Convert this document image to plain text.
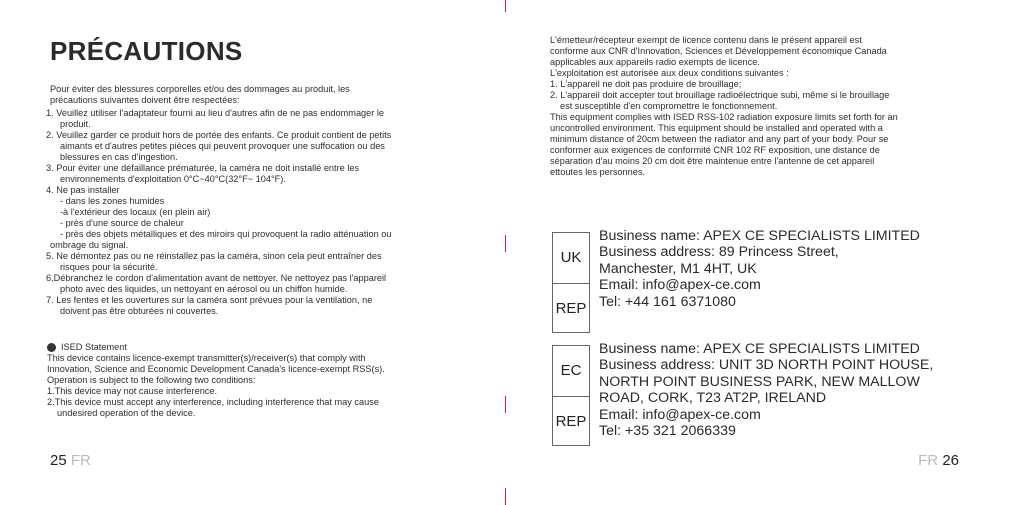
PRÉCAUTIONS

Pour éviter des blessures corporelles et/ou des dommages au produit, les

précautions suivantes doivent être respectées:

1. Veuillez utiliser l'adaptateur fourni au lieu d'autres afin de ne pas endommager le

produit.

2. Veuillez garder ce produit hors de portée des enfants. Ce produit contient de petits

aimants et d'autres petites pièces qui peuvent provoquer une suffocation ou des

blessures en cas d'ingestion.

3. Pour éviter une défaillance prématurée, la caméra ne doit installé entre les

environnements d'exploitation 0°C~40°C(32°F~ 104°F).

4. Ne pas installer

- dans les zones humides

-à l'extérieur des locaux (en plein air)

- près d'une source de chaleur

- près des objets métalliques et des miroirs qui provoquent la radio atténuation ou

ombrage du signal.

5. Ne démontez pas ou ne réinstallez pas la caméra, sinon cela peut entraîner des

risques pour la sécurité.

6.Débranchez le cordon d'alimentation avant de nettoyer. Ne nettoyez pas l'appareil

photo avec des liquides, un nettoyant en aérosol ou un chiffon humide.

7. Les fentes et les ouvertures sur la caméra sont prévues pour la ventilation, ne

doivent pas être obturées ni couvertes.

ISED Statement

This device contains licence-exempt transmitter(s)/receiver(s) that comply with

Innovation, Science and Economic Development Canada's licence-exempt RSS(s).

Operation is subject to the following two conditions:

1.This device may not cause interference.

2.This device must accept any interference, including interference that may cause

undesired operation of the device.

25 FR

L'émetteur/récepteur exempt de licence contenu dans le présent appareil est

conforme aux CNR d'Innovation, Sciences et Développement économique Canada

applicables aux appareils radio exempts de licence.

L'exploitation est autorisée aux deux conditions suivantes :

1. L'appareil ne doit pas produire de brouillage;

2. L'appareil doit accepter tout brouillage radioélectrique subi, même si le brouillage

est susceptible d'en compromettre le fonctionnement.

This equipment complies with ISED RSS-102 radiation exposure limits set forth for an

uncontrolled environment. This equipment should be installed and operated with a

minimum distance of 20cm between the radiator and any part of your body. Pour se

conformer aux exigences de conformité CNR 102 RF exposition, une distance de

séparation d'au moins 20 cm doit être maintenue entre l'antenne de cet appareil

ettoutes les personnes.

UK
REP
Business name: APEX CE SPECIALISTS LIMITED
Business address: 89 Princess Street,
Manchester, M1 4HT, UK
Email: info@apex-ce.com
Tel: +44 161 6371080
EC
REP
Business name: APEX CE SPECIALISTS LIMITED
Business address: UNIT 3D NORTH POINT HOUSE,
NORTH POINT BUSINESS PARK, NEW MALLOW
ROAD, CORK, T23 AT2P, IRELAND
Email: info@apex-ce.com
Tel: +35 321 2066339
FR 26
